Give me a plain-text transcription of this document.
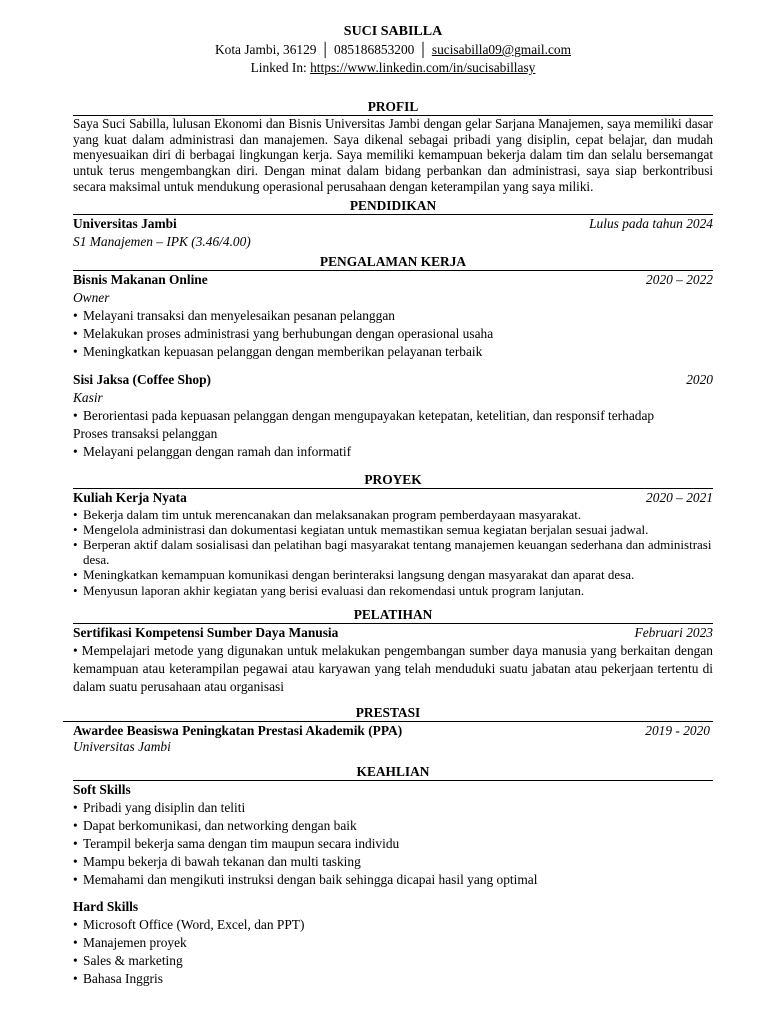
SUCI SABILLA
Kota Jambi, 36129 │ 085186853200 │ sucisabilla09@gmail.com
Linked In: https://www.linkedin.com/in/sucisabillasy
PROFIL
Saya Suci Sabilla, lulusan Ekonomi dan Bisnis Universitas Jambi dengan gelar Sarjana Manajemen, saya memiliki dasar yang kuat dalam administrasi dan manajemen. Saya dikenal sebagai pribadi yang disiplin, cepat belajar, dan mudah menyesuaikan diri di berbagai lingkungan kerja. Saya memiliki kemampuan bekerja dalam tim dan selalu bersemangat untuk terus mengembangkan diri. Dengan minat dalam bidang perbankan dan administrasi, saya siap berkontribusi secara maksimal untuk mendukung operasional perusahaan dengan keterampilan yang saya miliki.
PENDIDIKAN
Universitas Jambi	Lulus pada tahun 2024
S1 Manajemen – IPK (3.46/4.00)
PENGALAMAN KERJA
Bisnis Makanan Online	2020 – 2022
Owner
• Melayani transaksi dan menyelesaikan pesanan pelanggan
• Melakukan proses administrasi yang berhubungan dengan operasional usaha
• Meningkatkan kepuasan pelanggan dengan memberikan pelayanan terbaik
Sisi Jaksa (Coffee Shop)	2020
Kasir
• Berorientasi pada kepuasan pelanggan dengan mengupayakan ketepatan, ketelitian, dan responsif terhadap
Proses transaksi pelanggan
• Melayani pelanggan dengan ramah dan informatif
PROYEK
Kuliah Kerja Nyata	2020 – 2021
• Bekerja dalam tim untuk merencanakan dan melaksanakan program pemberdayaan masyarakat.
• Mengelola administrasi dan dokumentasi kegiatan untuk memastikan semua kegiatan berjalan sesuai jadwal.
• Berperan aktif dalam sosialisasi dan pelatihan bagi masyarakat tentang manajemen keuangan sederhana dan administrasi desa.
• Meningkatkan kemampuan komunikasi dengan berinteraksi langsung dengan masyarakat dan aparat desa.
• Menyusun laporan akhir kegiatan yang berisi evaluasi dan rekomendasi untuk program lanjutan.
PELATIHAN
Sertifikasi Kompetensi Sumber Daya Manusia	Februari 2023
• Mempelajari metode yang digunakan untuk melakukan pengembangan sumber daya manusia yang berkaitan dengan kemampuan atau keterampilan pegawai atau karyawan yang telah menduduki suatu jabatan atau pekerjaan tertentu di dalam suatu perusahaan atau organisasi
PRESTASI
Awardee Beasiswa Peningkatan Prestasi Akademik (PPA)	2019 - 2020
Universitas Jambi
KEAHLIAN
Soft Skills
• Pribadi yang disiplin dan teliti
• Dapat berkomunikasi, dan networking dengan baik
• Terampil bekerja sama dengan tim maupun secara individu
• Mampu bekerja di bawah tekanan dan multi tasking
• Memahami dan mengikuti instruksi dengan baik sehingga dicapai hasil yang optimal
Hard Skills
• Microsoft Office (Word, Excel, dan PPT)
• Manajemen proyek
• Sales & marketing
• Bahasa Inggris
